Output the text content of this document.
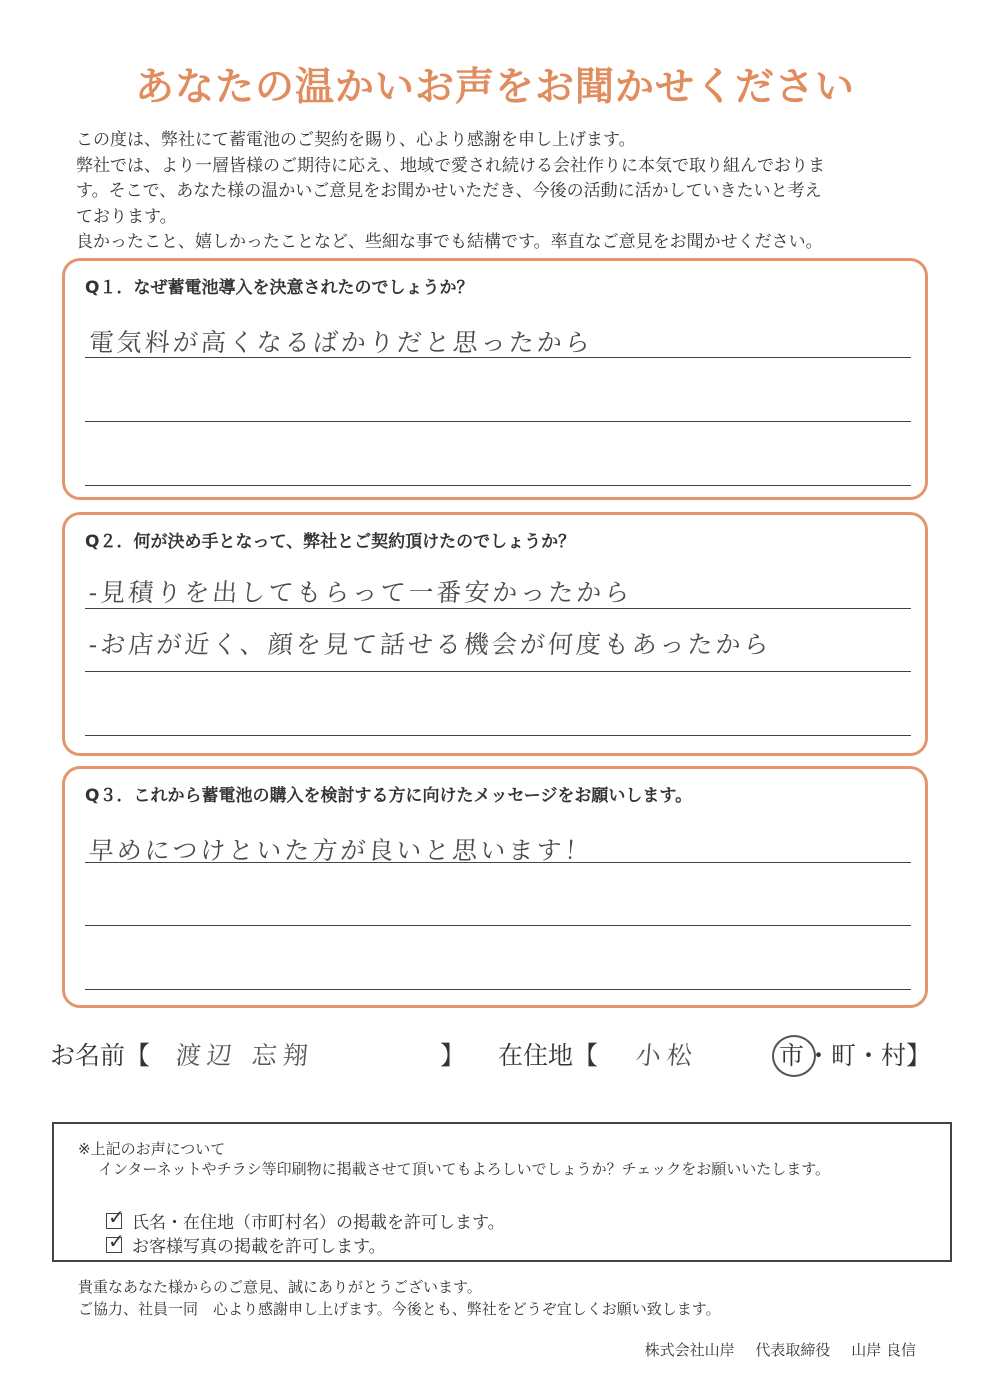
あなたの温かいお声をお聞かせください

この度は、弊社にて蓄電池のご契約を賜り、心より感謝を申し上げます。

弊社では、より一層皆様のご期待に応え、地域で愛され続ける会社作りに本気で取り組んでおりま

す。そこで、あなた様の温かいご意見をお聞かせいただき、今後の活動に活かしていきたいと考え

ております。

良かったこと、嬉しかったことなど、些細な事でも結構です。率直なご意見をお聞かせください。

Q１．なぜ蓄電池導入を決意されたのでしょうか？
電気料が高くなるばかりだと思ったから
Q２．何が決め手となって、弊社とご契約頂けたのでしょうか？
-見積りを出してもらって一番安かったから
-お店が近く、顔を見て話せる機会が何度もあったから
Q３．これから蓄電池の購入を検討する方に向けたメッセージをお願いします。
早めにつけといた方が良いと思います！
お名前【 渡辺 忘翔	】 在住地【 小松	市 ・町・村】
※上記のお声について
インターネットやチラシ等印刷物に掲載させて頂いてもよろしいでしょうか？チェックをお願いいたします。
✓ 氏名・在住地（市町村名）の掲載を許可します。
✓ お客様写真の掲載を許可します。

貴重なあなた様からのご意見、誠にありがとうございます。

ご協力、社員一同　心より感謝申し上げます。今後とも、弊社をどうぞ宜しくお願い致します。

株式会社山岸 代表取締役 山岸 良信
